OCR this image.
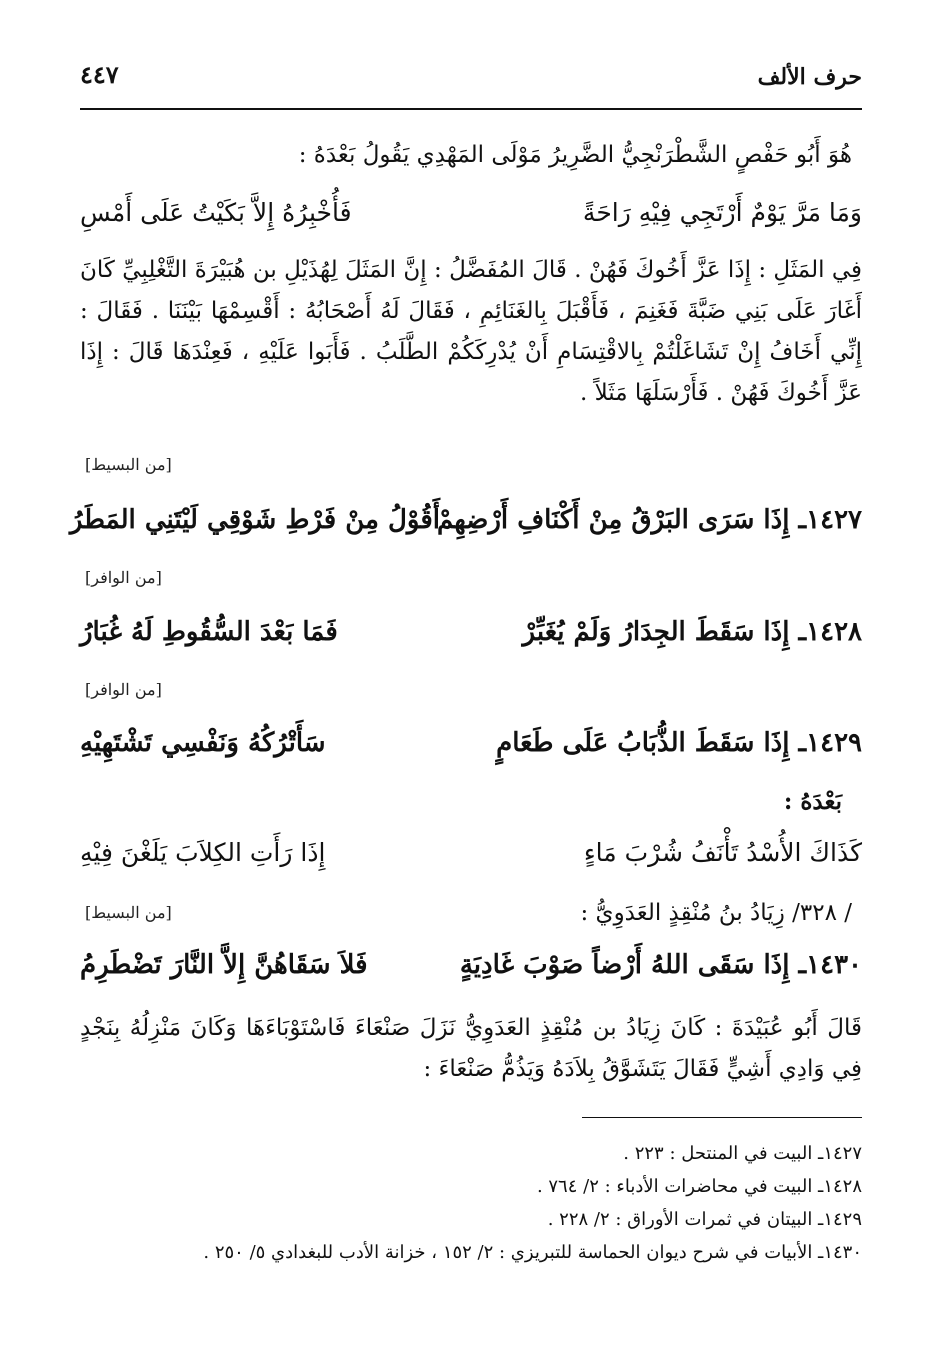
حرف الألف
٤٤٧
هُوَ أَبُو حَفْصٍ الشَّطْرَنْجِيُّ الضَّرِيرُ مَوْلَى المَهْدِي يَقُولُ بَعْدَهُ :
وَمَا مَرَّ يَوْمٌ أَرْتَجِي فِيْهِ رَاحَةً
فَأُخْبِرُهُ إِلاَّ بَكَيْتُ عَلَى أَمْسِ
فِي المَثَلِ : إِذَا عَزَّ أَخُوكَ فَهُنْ . قَالَ المُفَضَّلُ : إِنَّ المَثَلَ لِهُذَيْلِ بن هُبَيْرَةَ التَّغْلِبِيِّ كَانَ أَغَارَ عَلَى بَنِي ضَبَّةَ فَغَنِمَ ، فَأَقْبَلَ بِالغَنَائِمِ ، فَقَالَ لَهُ أَصْحَابُهُ : أَقْسِمْهَا بَيْنَنَا . فَقَالَ : إِنِّي أَخَافُ إِنْ تَشَاغَلْتُمْ بِالاقْتِسَامِ أَنْ يُدْرِكَكُمْ الطَّلَبُ . فَأَبَوا عَلَيْهِ ، فَعِنْدَهَا قَالَ : إِذَا عَزَّ أَخُوكَ فَهُنْ . فَأَرْسَلَهَا مَثَلاً .
[من البسيط]
١٤٢٧ـ إِذَا سَرَى البَرْقُ مِنْ أَكْنَافِ أَرْضِهِمْ
أَقُوْلُ مِنْ فَرْطِ شَوْقِي لَيْتَنِي المَطَرُ
[من الوافر]
١٤٢٨ـ إِذَا سَقَطَ الجِدَارُ وَلَمْ يُغَبِّرْ
فَمَا بَعْدَ السُّقُوطِ لَهُ غُبَارُ
[من الوافر]
١٤٢٩ـ إِذَا سَقَطَ الذُّبَابُ عَلَى طَعَامٍ
سَأَتْرُكُهُ وَنَفْسِي تَشْتَهِيْهِ
بَعْدَهُ :
كَذَاكَ الأُسْدُ تَأْنَفُ شُرْبَ مَاءٍ
إِذَا رَأَتِ الكِلاَبَ يَلَغْنَ فِيْهِ
/ ٣٢٨/ زِيَادُ بنُ مُنْقِذٍ العَدَوِيُّ :
[من البسيط]
١٤٣٠ـ إِذَا سَقَى اللهُ أَرْضاً صَوْبَ غَادِيَةٍ
فَلاَ سَقَاهُنَّ إِلاَّ النَّارَ تَضْطَرِمُ
قَالَ أَبُو عُبَيْدَةَ : كَانَ زِيَادُ بن مُنْقِذٍ العَدَوِيُّ نَزَلَ صَنْعَاءَ فَاسْتَوْبَاءَهَا وَكَانَ مَنْزِلُهُ بِنَجْدٍ فِي وَادِي أَشِيٍّ فَقَالَ يَتَشَوَّقُ بِلاَدَهُ وَيَذُمُّ صَنْعَاءَ :

١٤٢٧ـ البيت في المنتحل : ٢٢٣ .

١٤٢٨ـ البيت في محاضرات الأدباء : ٢/ ٧٦٤ .

١٤٢٩ـ البيتان في ثمرات الأوراق : ٢/ ٢٢٨ .

١٤٣٠ـ الأبيات في شرح ديوان الحماسة للتبريزي : ٢/ ١٥٢ ، خزانة الأدب للبغدادي ٥/ ٢٥٠ .
